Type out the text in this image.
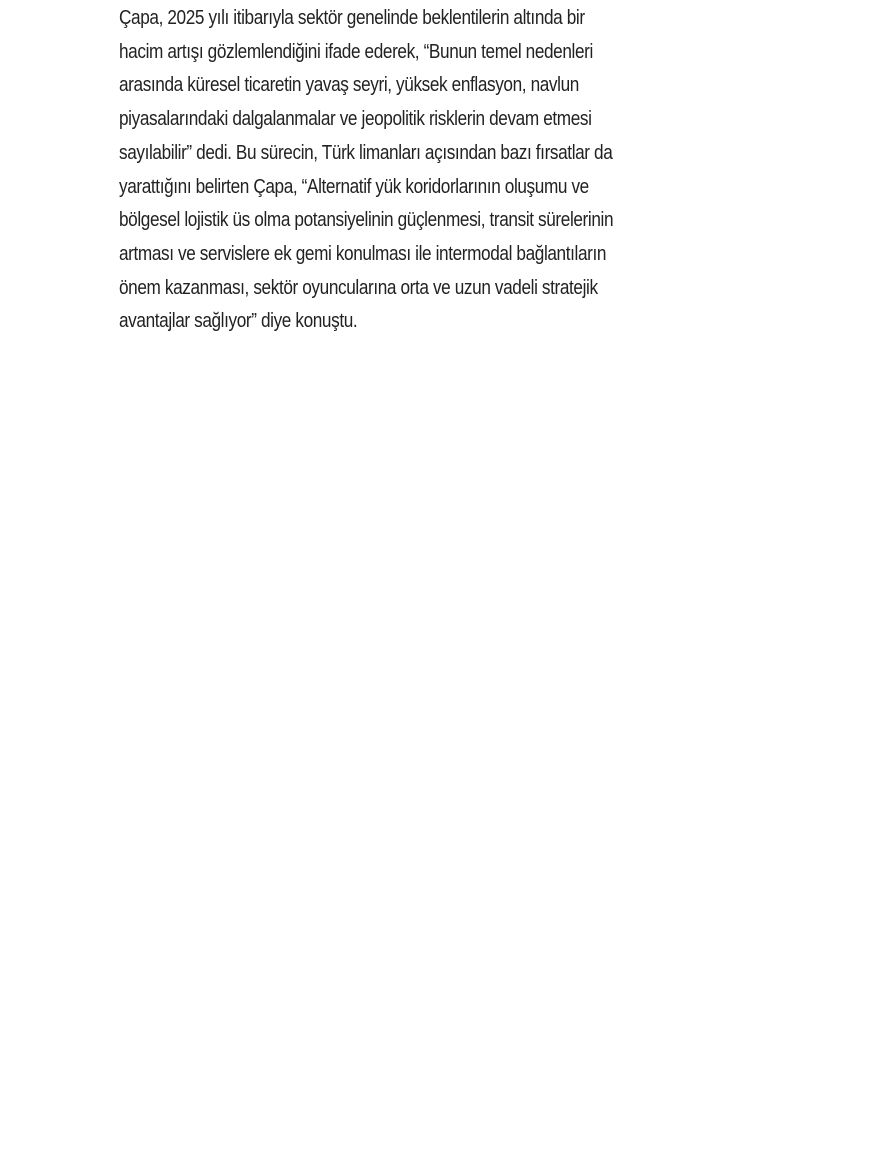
Çapa, 2025 yılı itibarıyla sektör genelinde beklentilerin altında bir
hacim artışı gözlemlendiğini ifade ederek, “Bunun temel nedenleri
arasında küresel ticaretin yavaş seyri, yüksek enflasyon, navlun
piyasalarındaki dalgalanmalar ve jeopolitik risklerin devam etmesi
sayılabilir” dedi. Bu sürecin, Türk limanları açısından bazı fırsatlar da
yarattığını belirten Çapa, “Alternatif yük koridorlarının oluşumu ve
bölgesel lojistik üs olma potansiyelinin güçlenmesi, transit sürelerinin
artması ve servislere ek gemi konulması ile intermodal bağlantıların
önem kazanması, sektör oyuncularına orta ve uzun vadeli stratejik
avantajlar sağlıyor” diye konuştu.
